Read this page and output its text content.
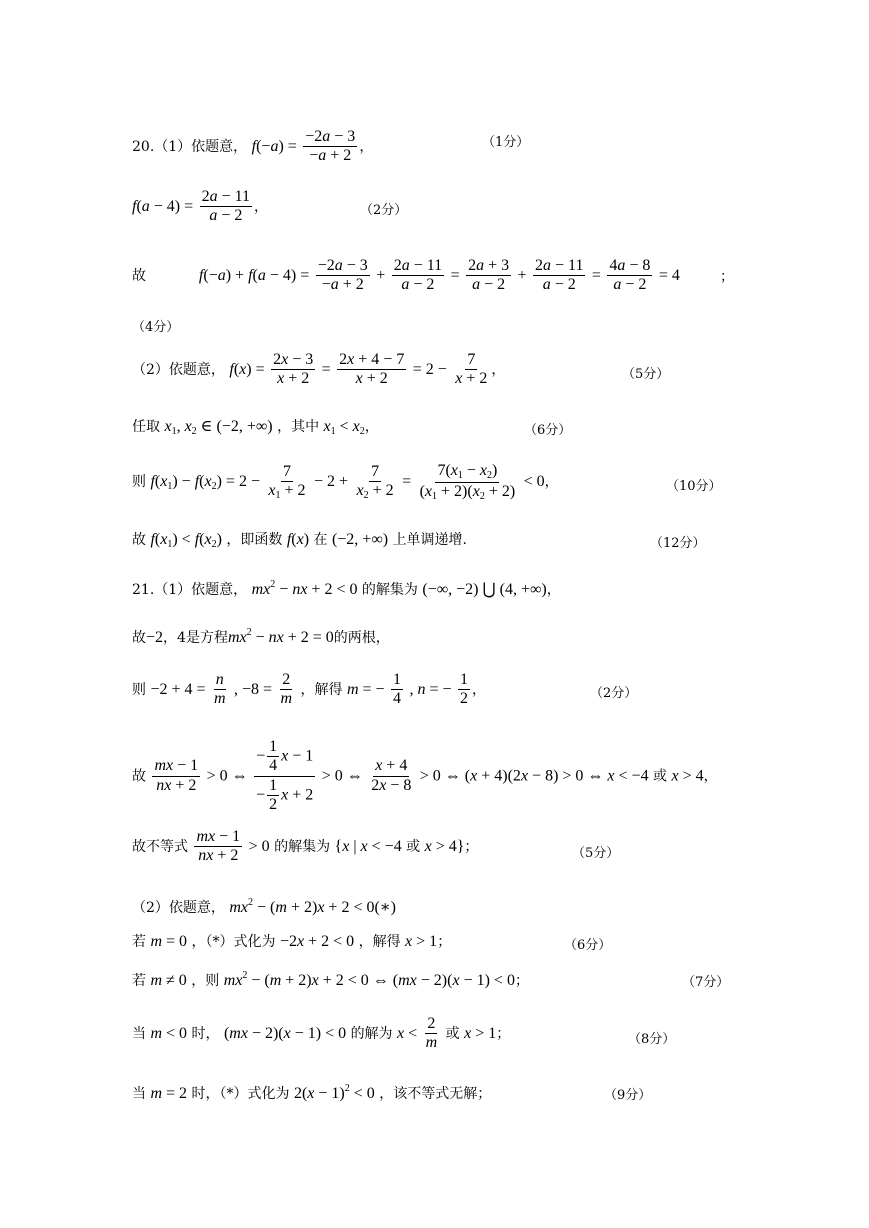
20.（1）依题意， $f(-a) = \frac{-2a - 3}{-a + 2}$ ，	（1分）
$f(a - 4) = \frac{2a - 11}{a - 2}$ ，	（2分）
故	$f(-a) + f(a - 4) = \frac{-2a - 3}{-a + 2} + \frac{2a - 11}{a - 2} = \frac{2a + 3}{a - 2} + \frac{2a - 11}{a - 2} = \frac{4a - 8}{a - 2} = 4$	；
（4分）
（2）依题意， $f(x) = \frac{2x - 3}{x + 2} = \frac{2x + 4 - 7}{x + 2} = 2 - \frac{7}{x + 2}$ ，	（5分）
任取 $x_1$, $x_2$ ∈ (−2, +∞) ，其中 $x_1 < x_2$，	（6分）
则 $f(x_1) - f(x_2) = 2 - \frac{7}{x_1 + 2} - 2 + \frac{7}{x_2 + 2} = \frac{7(x_1 - x_2)}{(x_1 + 2)(x_2 + 2)} < 0$，	（10分）
故 $f(x_1) < f(x_2)$ ，即函数 f(x) 在 (−2, +∞) 上单调递增.	（12分）
21.（1）依题意， $mx^2$ − nx + 2 < 0 的解集为 (−∞, −2) ⋃ (4, +∞)，
故−2，4是方程$mx^2$ − nx + 2 = 0的两根，
则 $-2 + 4 = \frac{n}{m}$ , $-8 = \frac{2}{m}$ ，解得 m = − $\frac{1}{4}$ , n = − $\frac{1}{2}$ ，	（2分）
故 $\frac{mx - 1}{nx + 2} > 0$ ⇔ $\frac{- \frac{1}{4} x - 1}{- \frac{1}{2} x + 2} > 0$ ⇔ $\frac{x + 4}{2x - 8} > 0$ ⇔ (x + 4)(2x − 8) > 0 ⇔ x < −4 或 x > 4，
故不等式 $\frac{mx - 1}{nx + 2} > 0$ 的解集为 {x | x < −4 或 x > 4}；	（5分）
（2）依题意， $mx^2 - (m + 2)x + 2$ < 0(∗)
若 m = 0 ，（*）式化为 −2x + 2 < 0 ，解得 x > 1；	（6分）
若 m ≠ 0 ，则 $mx^2 - (m + 2)x + 2 < 0$ ⇔ (mx − 2)(x − 1) < 0；	（7分）
当 m < 0 时， (mx − 2)(x − 1) < 0 的解为 $x < \frac{2}{m}$ 或 x > 1；	（8分）
当 m = 2 时，（*）式化为 $2(x - 1)^2 < 0$ ，该不等式无解；	（9分）
